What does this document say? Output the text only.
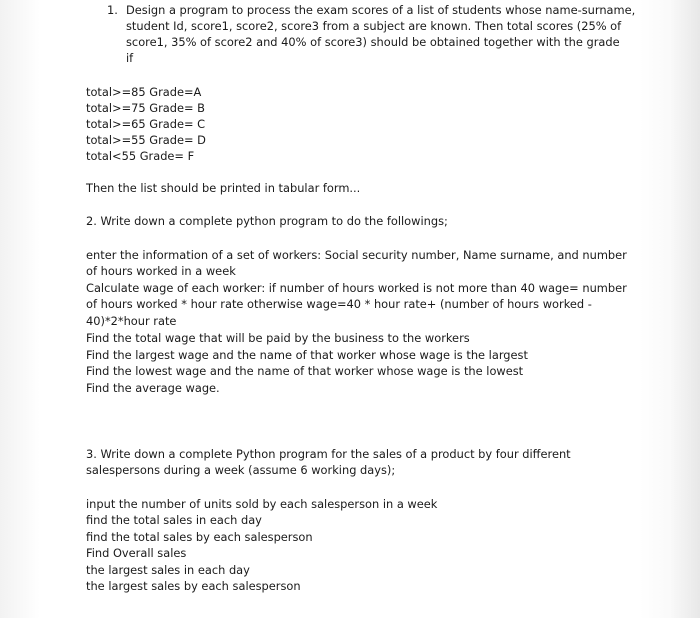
1. Design a program to process the exam scores of a list of students whose name-surname,
student Id, score1, score2, score3 from a subject are known. Then total scores (25% of
score1, 35% of score2 and 40% of score3) should be obtained together with the grade
if
total>=85 Grade=A
total>=75 Grade= B
total>=65 Grade= C
total>=55 Grade= D
total<55 Grade= F
Then the list should be printed in tabular form...
2. Write down a complete python program to do the followings;
enter the information of a set of workers: Social security number, Name surname, and number
of hours worked in a week
Calculate wage of each worker: if number of hours worked is not more than 40 wage= number
of hours worked * hour rate otherwise wage=40 * hour rate+ (number of hours worked -
40)*2*hour rate
Find the total wage that will be paid by the business to the workers
Find the largest wage and the name of that worker whose wage is the largest
Find the lowest wage and the name of that worker whose wage is the lowest
Find the average wage.
3. Write down a complete Python program for the sales of a product by four different
salespersons during a week (assume 6 working days);
input the number of units sold by each salesperson in a week
find the total sales in each day
find the total sales by each salesperson
Find Overall sales
the largest sales in each day
the largest sales by each salesperson
